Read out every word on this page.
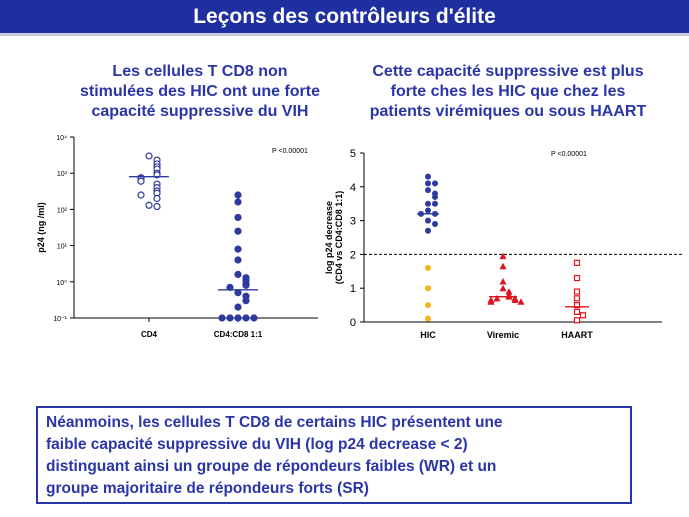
Leçons des contrôleurs d'élite
Les cellules T CD8 non
stimulées des HIC ont une forte
capacité suppressive du VIH
Cette capacité suppressive est plus
forte ches les HIC que chez les
patients virémiques ou sous HAART
10⁻¹
10⁰
10¹
10²
10³
10⁴
p24 (ng /ml)
P <0.00001
CD4	CD4:CD8 1:1
0
1
2
3
4
5
log p24 decrease (CD4 vs CD4:CD8 1:1)
P <0.00001
HIC	Viremic	HAART
Néanmoins, les cellules T CD8 de certains HIC présentent une
faible capacité suppressive du VIH (log p24 decrease < 2)
distinguant ainsi un groupe de répondeurs faibles (WR) et un
groupe majoritaire de répondeurs forts (SR)
